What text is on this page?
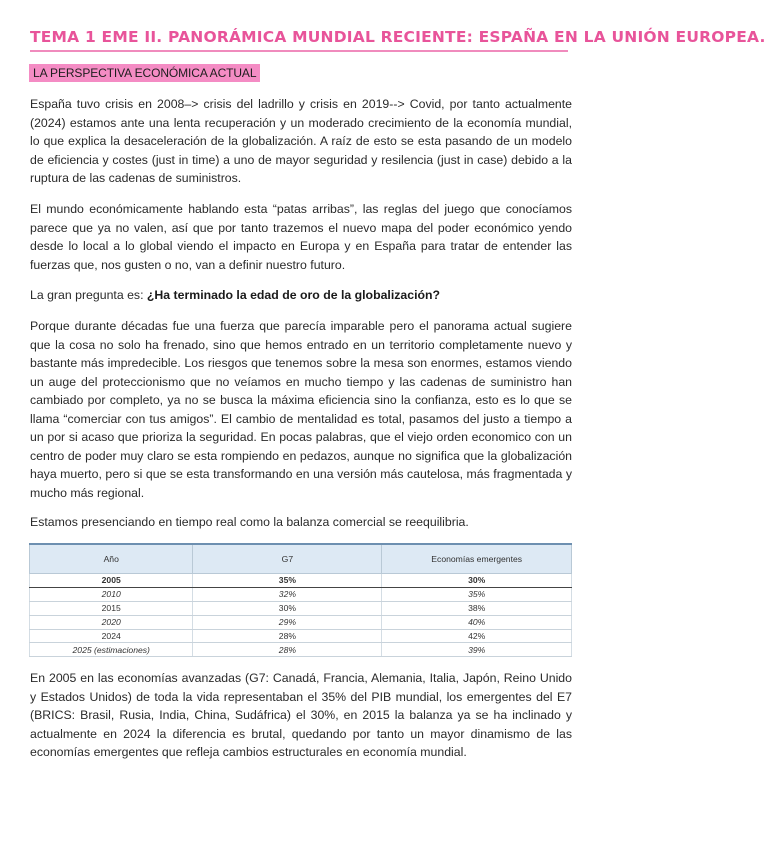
TEMA 1 EME II. PANORÁMICA MUNDIAL RECIENTE: ESPAÑA EN LA UNIÓN EUROPEA.
LA PERSPECTIVA ECONÓMICA ACTUAL

España tuvo crisis en 2008–> crisis del ladrillo y crisis en 2019--> Covid, por tanto actualmente (2024) estamos ante una lenta recuperación y un moderado crecimiento de la economía mundial, lo que explica la desaceleración de la globalización. A raíz de esto se esta pasando de un modelo de eficiencia y costes (just in time) a uno de mayor seguridad y resilencia (just in case) debido a la ruptura de las cadenas de suministros.

El mundo económicamente hablando esta “patas arribas”, las reglas del juego que conocíamos parece que ya no valen, así que por tanto trazemos el nuevo mapa del poder económico yendo desde lo local a lo global viendo el impacto en Europa y en España para tratar de entender las fuerzas que, nos gusten o no, van a definir nuestro futuro.

La gran pregunta es: ¿Ha terminado la edad de oro de la globalización?

Porque durante décadas fue una fuerza que parecía imparable pero el panorama actual sugiere que la cosa no solo ha frenado, sino que hemos entrado en un territorio completamente nuevo y bastante más impredecible. Los riesgos que tenemos sobre la mesa son enormes, estamos viendo un auge del proteccionismo que no veíamos en mucho tiempo y las cadenas de suministro han cambiado por completo, ya no se busca la máxima eficiencia sino la confianza, esto es lo que se llama “comerciar con tus amigos”. El cambio de mentalidad es total, pasamos del justo a tiempo a un por si acaso que prioriza la seguridad. En pocas palabras, que el viejo orden economico con un centro de poder muy claro se esta rompiendo en pedazos, aunque no significa que la globalización haya muerto, pero si que se esta transformando en una versión más cautelosa, más fragmentada y mucho más regional.

Estamos presenciando en tiempo real como la balanza comercial se reequilibria.

Año	G7	Economías emergentes
2005	35%	30%
2010	32%	35%
2015	30%	38%
2020	29%	40%
2024	28%	42%
2025 (estimaciones)	28%	39%

En 2005 en las economías avanzadas (G7: Canadá, Francia, Alemania, Italia, Japón, Reino Unido y Estados Unidos) de toda la vida representaban el 35% del PIB mundial, los emergentes del E7 (BRICS: Brasil, Rusia, India, China, Sudáfrica) el 30%, en 2015 la balanza ya se ha inclinado y actualmente en 2024 la diferencia es brutal, quedando por tanto un mayor dinamismo de las economías emergentes que refleja cambios estructurales en economía mundial.
